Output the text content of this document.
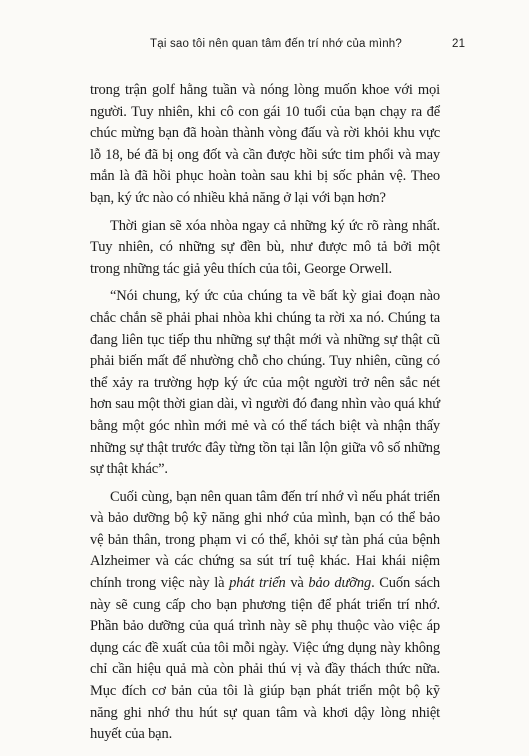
Tại sao tôi nên quan tâm đến trí nhớ của mình?	21

trong trận golf hằng tuần và nóng lòng muốn khoe với mọi người. Tuy nhiên, khi cô con gái 10 tuổi của bạn chạy ra để chúc mừng bạn đã hoàn thành vòng đấu và rời khỏi khu vực lỗ 18, bé đã bị ong đốt và cần được hồi sức tim phổi và may mắn là đã hồi phục hoàn toàn sau khi bị sốc phản vệ. Theo bạn, ký ức nào có nhiều khả năng ở lại với bạn hơn?

Thời gian sẽ xóa nhòa ngay cả những ký ức rõ ràng nhất. Tuy nhiên, có những sự đền bù, như được mô tả bởi một trong những tác giả yêu thích của tôi, George Orwell.

“Nói chung, ký ức của chúng ta về bất kỳ giai đoạn nào chắc chắn sẽ phải phai nhòa khi chúng ta rời xa nó. Chúng ta đang liên tục tiếp thu những sự thật mới và những sự thật cũ phải biến mất để nhường chỗ cho chúng. Tuy nhiên, cũng có thể xảy ra trường hợp ký ức của một người trở nên sắc nét hơn sau một thời gian dài, vì người đó đang nhìn vào quá khứ bằng một góc nhìn mới mẻ và có thể tách biệt và nhận thấy những sự thật trước đây từng tồn tại lẫn lộn giữa vô số những sự thật khác”.

Cuối cùng, bạn nên quan tâm đến trí nhớ vì nếu phát triển và bảo dưỡng bộ kỹ năng ghi nhớ của mình, bạn có thể bảo vệ bản thân, trong phạm vi có thể, khỏi sự tàn phá của bệnh Alzheimer và các chứng sa sút trí tuệ khác. Hai khái niệm chính trong việc này là phát triển và bảo dưỡng. Cuốn sách này sẽ cung cấp cho bạn phương tiện để phát triển trí nhớ. Phần bảo dưỡng của quá trình này sẽ phụ thuộc vào việc áp dụng các đề xuất của tôi mỗi ngày. Việc ứng dụng này không chỉ cần hiệu quả mà còn phải thú vị và đầy thách thức nữa. Mục đích cơ bản của tôi là giúp bạn phát triển một bộ kỹ năng ghi nhớ thu hút sự quan tâm và khơi dậy lòng nhiệt huyết của bạn.
